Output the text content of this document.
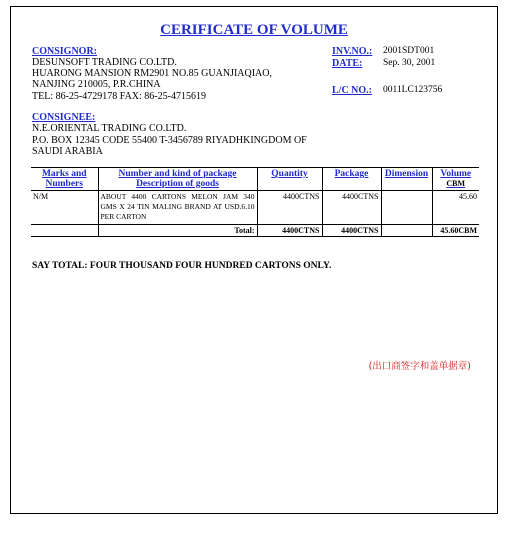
CERIFICATE OF VOLUME
CONSIGNOR:
DESUNSOFT TRADING CO.LTD.
HUARONG MANSION RM2901 NO.85 GUANJIAQIAO,
NANJING 210005, P.R.CHINA
TEL: 86-25-4729178 FAX: 86-25-4715619
INV.NO.: 2001SDT001
DATE: Sep. 30, 2001
L/C NO.: 0011LC123756
CONSIGNEE:
N.E.ORIENTAL TRADING CO.LTD.
P.O. BOX 12345 CODE 55400 T-3456789 RIYADHKINGDOM OF
SAUDI ARABIA
Marks and Numbers	Number and kind of package Description of goods	Quantity	Package	Dimension	Volume
CBM

N/M	ABOUT 4400 CARTONS MELON JAM 340 GMS X 24 TIN MALING BRAND AT USD.6.10 PER CARTON	4400CTNS	4400CTNS		45.60
	Total:	4400CTNS	4400CTNS		45.60CBM
SAY TOTAL: FOUR THOUSAND FOUR HUNDRED CARTONS ONLY.
(出口商签字和盖单据章)
